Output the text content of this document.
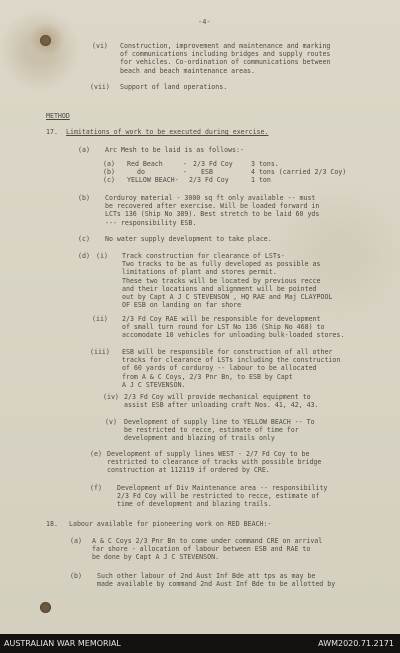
-4-
(vi) Construction, improvement and maintenance and marking
of communications including bridges and supply routes
for vehicles. Co-ordination of communications between
beach and beach maintenance areas.
(vii) Support of land operations.
METHOD
17. Limitations of work to be executed during exercise.
(a) Arc Mesh to be laid is as follows:-
(a) Red Beach	- 2/3 Fd Coy	3 tons.
(b)	do	- ESB	4 tons (carried 2/3 Coy)
(c) YELLOW BEACH- 2/3 Fd Coy	1 ton
(b) Corduroy material - 3000 sq ft only available -- must
be recovered after exercise. Will be loaded forward in
LCTs 136 (Ship No 389). Best stretch to be laid 60 yds
--- responsibility ESB.
(c) No water supply development to take place.
(d) (i) Track construction for clearance of LSTs-
Two tracks to be as fully developed as possible as
limitations of plant and stores permit.
These two tracks will be located by previous recce
and their locations and alignment will be pointed
out by Capt A J C STEVENSON , HQ RAE and Maj CLAYPOOL
OF ESB on landing on far shore
(ii) 2/3 Fd Coy RAE will be responsible for development
of small turn round for LST No 136 (Ship No 468) to
accomodate 10 vehicles for unloading bulk-loaded stores.
(iii) ESB will be responsible for construction of all other
tracks for clearance of LSTs including the construction
of 60 yards of corduroy -- labour to be allocated
from A & C Coys, 2/3 Pnr Bn, to ESB by Capt
A J C STEVENSON.
(iv) 2/3 Fd Coy will provide mechanical equipment to
assist ESB after unloading craft Nos. 41, 42, 43.
(v) Development of supply line to YELLOW BEACH -- To
be restricted to recce, estimate of time for
development and blazing of trails only
(e) Development of supply lines WEST - 2/7 Fd Coy to be
restricted to clearance of tracks with possible bridge
construction at 112119 if ordered by CRE.
(f) Development of Div Maintenance area -- responsibility
2/3 Fd Coy will be restricted to recce, estimate of
time of development and blazing trails.
18. Labour available for pioneering work on RED BEACH:-
(a) A & C Coys 2/3 Pnr Bn to come under command CRE on arrival
far shore - allocation of labour between ESB and RAE to
be done by Capt A J C STEVENSON.
(b) Such other labour of 2nd Aust Inf Bde att tps as may be
made available by command 2nd Aust Inf Bde to be allotted by
AUSTRALIAN WAR MEMORIAL	AWM2020.71.2171
